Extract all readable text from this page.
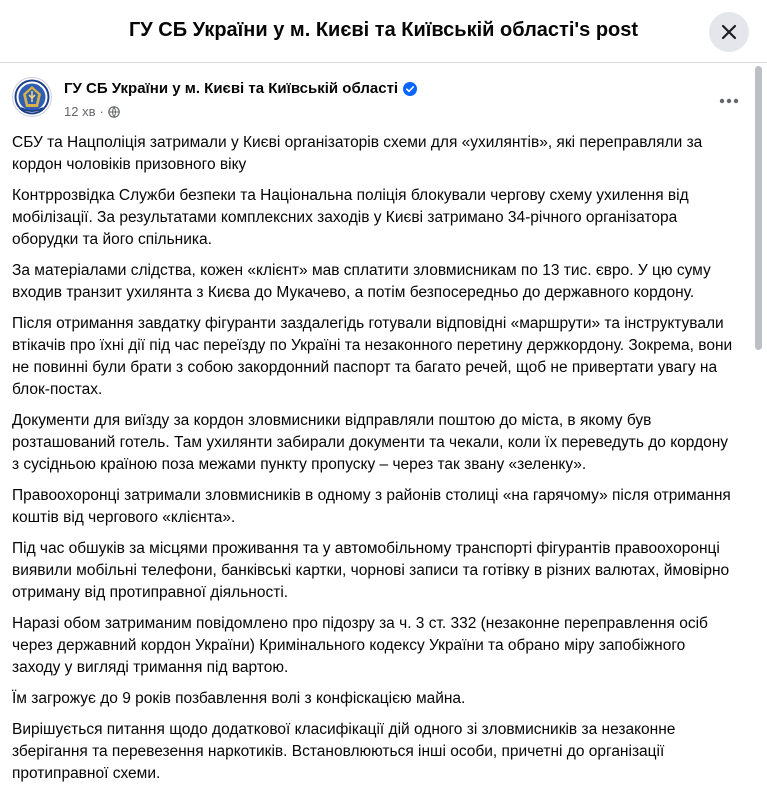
ГУ СБ України у м. Києві та Київській області's post
ГУ СБ України у м. Києві та Київській області
12 хв ·

СБУ та Нацполіція затримали у Києві організаторів схеми для «ухилянтів», які переправляли за кордон чоловіків призовного віку

Контррозвідка Служби безпеки та Національна поліція блокували чергову схему ухилення від мобілізації. За результатами комплексних заходів у Києві затримано 34-річного організатора оборудки та його спільника.

За матеріалами слідства, кожен «клієнт» мав сплатити зловмисникам по 13 тис. євро. У цю суму входив транзит ухилянта з Києва до Мукачево, а потім безпосередньо до державного кордону.

Після отримання завдатку фігуранти заздалегідь готували відповідні «маршрути» та інструктували втікачів про їхні дії під час переїзду по Україні та незаконного перетину держкордону. Зокрема, вони не повинні були брати з собою закордонний паспорт та багато речей, щоб не привертати увагу на блок-постах.

Документи для виїзду за кордон зловмисники відправляли поштою до міста, в якому був розташований готель. Там ухилянти забирали документи та чекали, коли їх переведуть до кордону з сусідньою країною поза межами пункту пропуску – через так звану «зеленку».

Правоохоронці затримали зловмисників в одному з районів столиці «на гарячому» після отримання коштів від чергового «клієнта».

Під час обшуків за місцями проживання та у автомобільному транспорті фігурантів правоохоронці виявили мобільні телефони, банківські картки, чорнові записи та готівку в різних валютах, ймовірно отриману від протиправної діяльності.

Наразі обом затриманим повідомлено про підозру за ч. 3 ст. 332 (незаконне переправлення осіб через державний кордон України) Кримінального кодексу України та обрано міру запобіжного заходу у вигляді тримання під вартою.

Їм загрожує до 9 років позбавлення волі з конфіскацією майна.

Вирішується питання щодо додаткової класифікації дій одного зі зловмисників за незаконне зберігання та перевезення наркотиків. Встановлюються інші особи, причетні до організації протиправної схеми.
